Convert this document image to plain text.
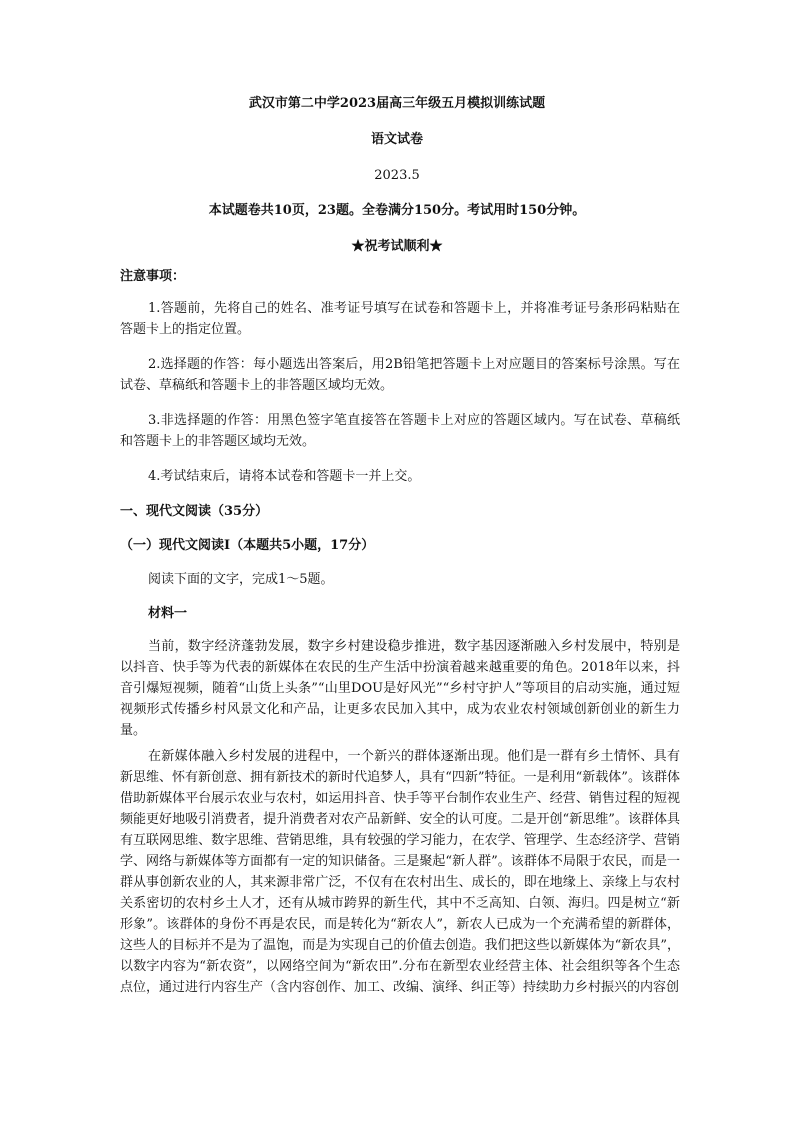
武汉市第二中学2023届高三年级五月模拟训练试题
语文试卷
2023.5
本试题卷共10页，23题。全卷满分150分。考试用时150分钟。
★祝考试顺利★
注意事项：
1.答题前，先将自己的姓名、准考证号填写在试卷和答题卡上，并将准考证号条形码粘贴在答题卡上的指定位置。
2.选择题的作答：每小题选出答案后，用2B铅笔把答题卡上对应题目的答案标号涂黑。写在试卷、草稿纸和答题卡上的非答题区域均无效。
3.非选择题的作答：用黑色签字笔直接答在答题卡上对应的答题区域内。写在试卷、草稿纸和答题卡上的非答题区域均无效。
4.考试结束后，请将本试卷和答题卡一并上交。
一、现代文阅读（35分）
（一）现代文阅读Ⅰ（本题共5小题，17分）
阅读下面的文字，完成1～5题。
材料一
当前，数字经济蓬勃发展，数字乡村建设稳步推进，数字基因逐渐融入乡村发展中，特别是以抖音、快手等为代表的新媒体在农民的生产生活中扮演着越来越重要的角色。2018年以来，抖音引爆短视频，随着“山货上头条”“山里DOU是好风光”“乡村守护人”等项目的启动实施，通过短视频形式传播乡村风景文化和产品，让更多农民加入其中，成为农业农村领域创新创业的新生力量。
在新媒体融入乡村发展的进程中，一个新兴的群体逐渐出现。他们是一群有乡土情怀、具有新思维、怀有新创意、拥有新技术的新时代追梦人，具有“四新”特征。一是利用“新载体”。该群体借助新媒体平台展示农业与农村，如运用抖音、快手等平台制作农业生产、经营、销售过程的短视频能更好地吸引消费者，提升消费者对农产品新鲜、安全的认可度。二是开创“新思维”。该群体具有互联网思维、数字思维、营销思维，具有较强的学习能力，在农学、管理学、生态经济学、营销学、网络与新媒体等方面都有一定的知识储备。三是聚起“新人群”。该群体不局限于农民，而是一群从事创新农业的人，其来源非常广泛，不仅有在农村出生、成长的，即在地缘上、亲缘上与农村关系密切的农村乡土人才，还有从城市跨界的新生代，其中不乏高知、白领、海归。四是树立“新形象”。该群体的身份不再是农民，而是转化为“新农人”，新农人已成为一个充满希望的新群体，这些人的目标并不是为了温饱，而是为实现自己的价值去创造。我们把这些以新媒体为“新农具”，以数字内容为“新农资”，以网络空间为“新农田”.分布在新型农业经营主体、社会组织等各个生态点位，通过进行内容生产（含内容创作、加工、改编、演绎、纠正等）持续助力乡村振兴的内容创
